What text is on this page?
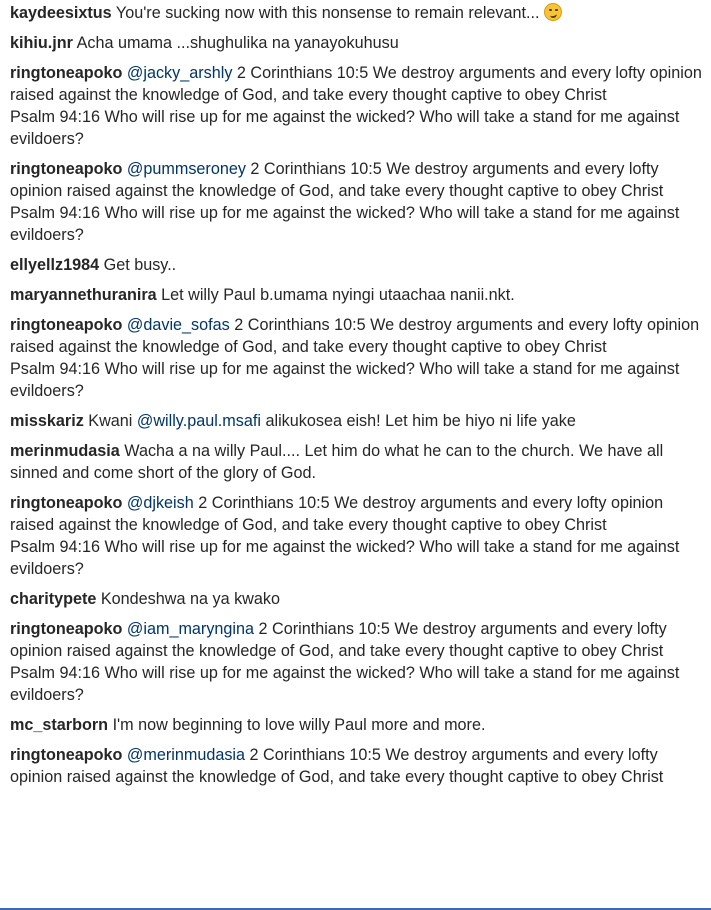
kaydeesixtus You're sucking now with this nonsense to remain relevant...
kihiu.jnr Acha umama ...shughulika na yanayokuhusu
ringtoneapoko @jacky_arshly 2 Corinthians 10:5 We destroy arguments and every lofty opinion raised against the knowledge of God, and take every thought captive to obey Christ
Psalm 94:16 Who will rise up for me against the wicked? Who will take a stand for me against evildoers?
ringtoneapoko @pummseroney 2 Corinthians 10:5 We destroy arguments and every lofty opinion raised against the knowledge of God, and take every thought captive to obey Christ
Psalm 94:16 Who will rise up for me against the wicked? Who will take a stand for me against evildoers?
ellyellz1984 Get busy..
maryannethuranira Let willy Paul b.umama nyingi utaachaa nanii.nkt.
ringtoneapoko @davie_sofas 2 Corinthians 10:5 We destroy arguments and every lofty opinion raised against the knowledge of God, and take every thought captive to obey Christ
Psalm 94:16 Who will rise up for me against the wicked? Who will take a stand for me against evildoers?
misskariz Kwani @willy.paul.msafi alikukosea eish! Let him be hiyo ni life yake
merinmudasia Wacha a na willy Paul.... Let him do what he can to the church. We have all sinned and come short of the glory of God.
ringtoneapoko @djkeish 2 Corinthians 10:5 We destroy arguments and every lofty opinion raised against the knowledge of God, and take every thought captive to obey Christ
Psalm 94:16 Who will rise up for me against the wicked? Who will take a stand for me against evildoers?
charitypete Kondeshwa na ya kwako
ringtoneapoko @iam_maryngina 2 Corinthians 10:5 We destroy arguments and every lofty opinion raised against the knowledge of God, and take every thought captive to obey Christ
Psalm 94:16 Who will rise up for me against the wicked? Who will take a stand for me against evildoers?
mc_starborn I'm now beginning to love willy Paul more and more.
ringtoneapoko @merinmudasia 2 Corinthians 10:5 We destroy arguments and every lofty opinion raised against the knowledge of God, and take every thought captive to obey Christ
